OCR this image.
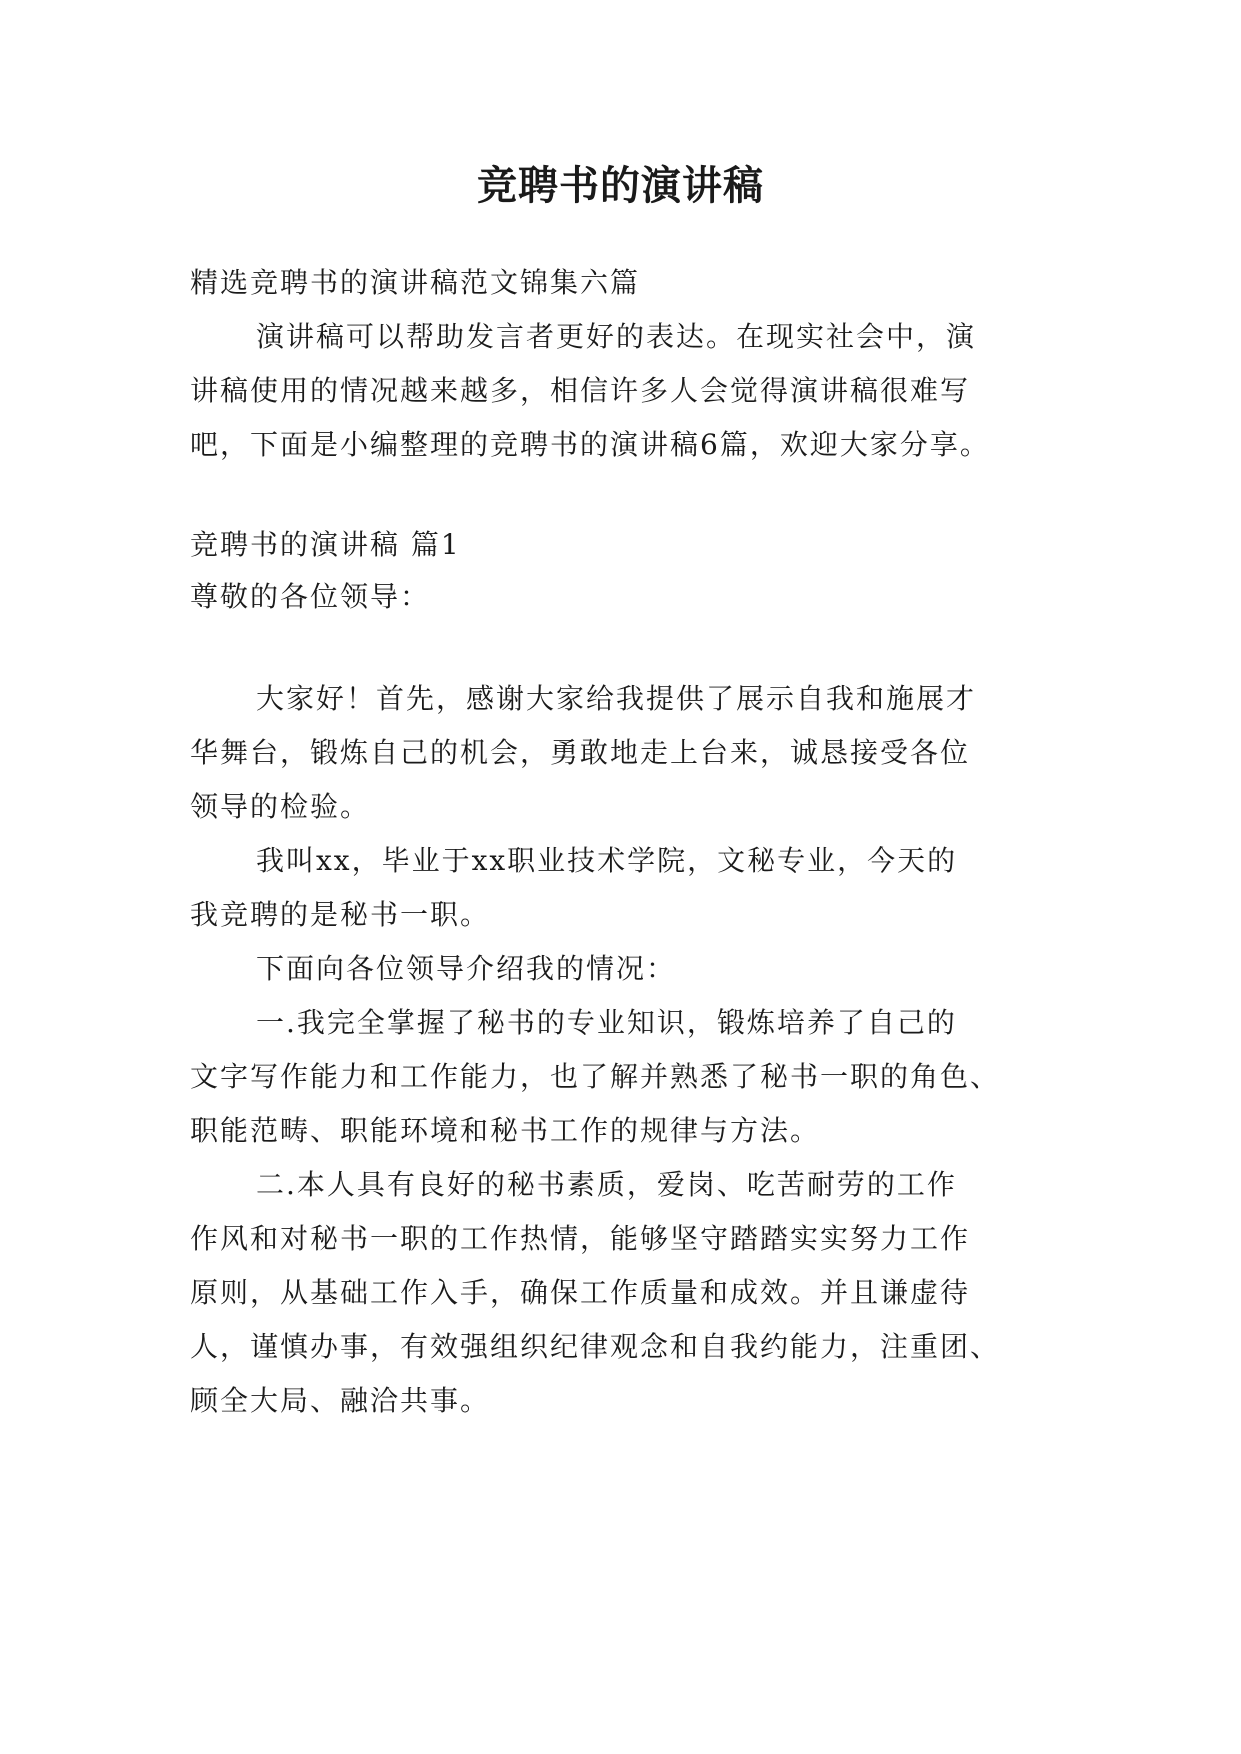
竞聘书的演讲稿

精选竞聘书的演讲稿范文锦集六篇

演讲稿可以帮助发言者更好的表达。在现实社会中，演

讲稿使用的情况越来越多，相信许多人会觉得演讲稿很难写

吧，下面是小编整理的竞聘书的演讲稿6篇，欢迎大家分享。

竞聘书的演讲稿 篇1

尊敬的各位领导：

大家好！首先，感谢大家给我提供了展示自我和施展才

华舞台，锻炼自己的机会，勇敢地走上台来，诚恳接受各位

领导的检验。

我叫xx，毕业于xx职业技术学院，文秘专业，今天的

我竞聘的是秘书一职。

下面向各位领导介绍我的情况：

一.我完全掌握了秘书的专业知识，锻炼培养了自己的

文字写作能力和工作能力，也了解并熟悉了秘书一职的角色、

职能范畴、职能环境和秘书工作的规律与方法。

二.本人具有良好的秘书素质，爱岗、吃苦耐劳的工作

作风和对秘书一职的工作热情，能够坚守踏踏实实努力工作

原则，从基础工作入手，确保工作质量和成效。并且谦虚待

人，谨慎办事，有效强组织纪律观念和自我约能力，注重团、

顾全大局、融洽共事。
